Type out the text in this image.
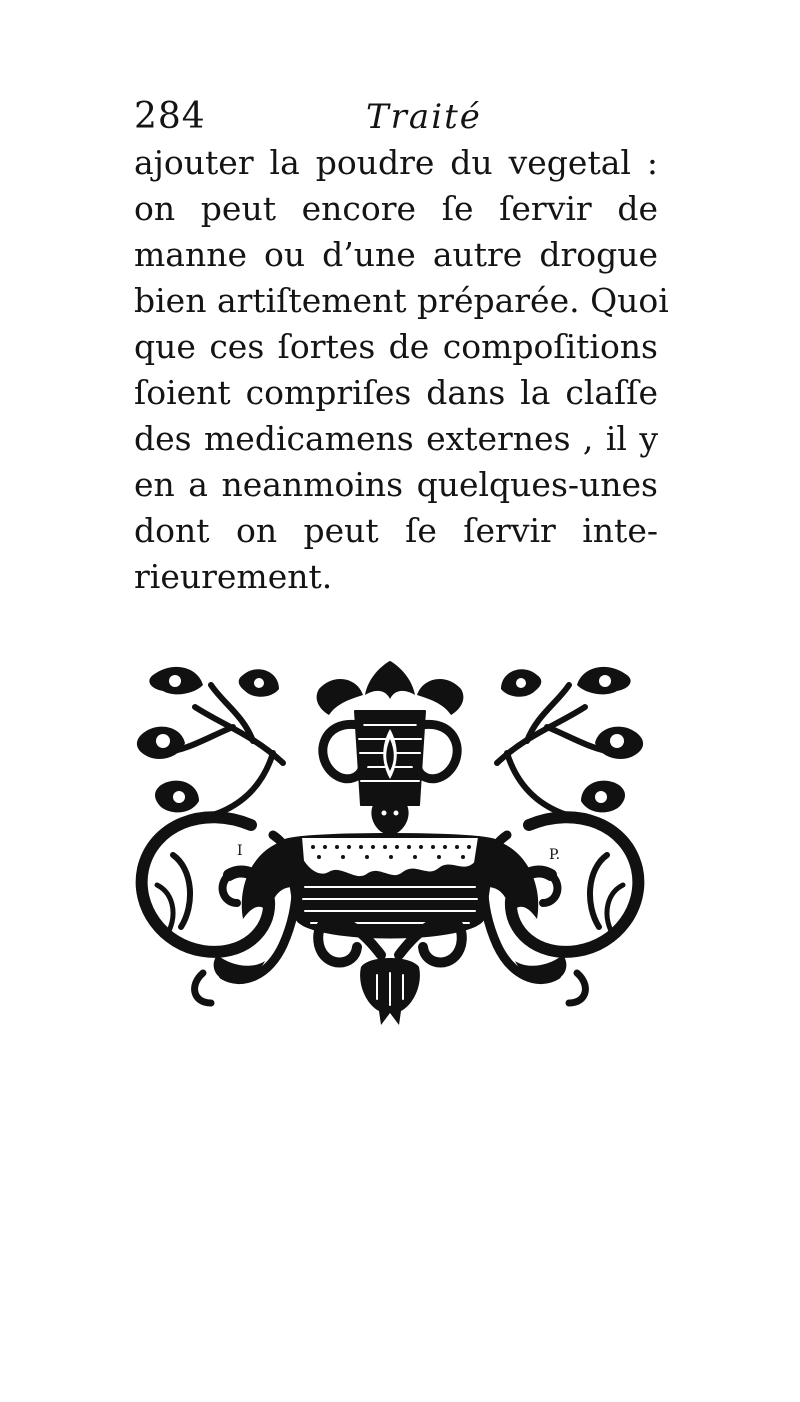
284	Traité
ajouter la poudre du vegetal :
on peut encore ſe ſervir de
manne ou d’une autre drogue
bien artiſtement préparée. Quoi
que ces ſortes de compoſitions
ſoient compriſes dans la claſſe
des medicamens externes , il y
en a neanmoins quelques-unes
dont on peut ſe ſervir inte-
rieurement.
I	P.
